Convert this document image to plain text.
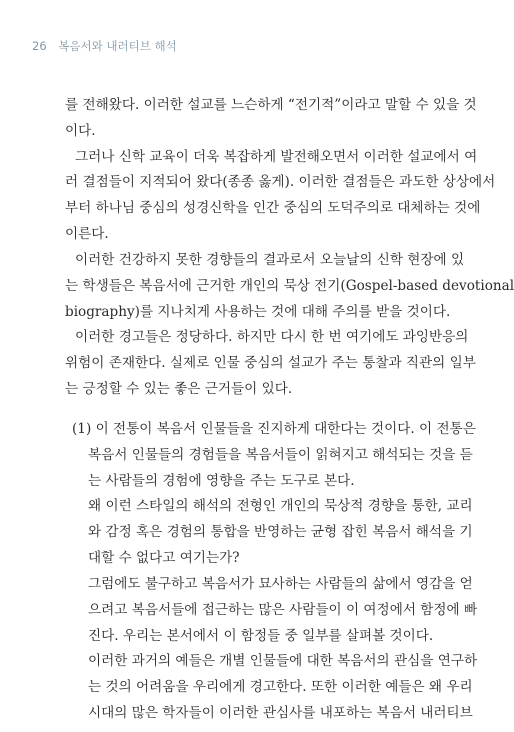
26 복음서와 내러티브 해석
를 전해왔다. 이러한 설교를 느슨하게 “전기적”이라고 말할 수 있을 것
이다.
그러나 신학 교육이 더욱 복잡하게 발전해오면서 이러한 설교에서 여
러 결점들이 지적되어 왔다(종종 옳게). 이러한 결점들은 과도한 상상에서
부터 하나님 중심의 성경신학을 인간 중심의 도덕주의로 대체하는 것에
이른다.
이러한 건강하지 못한 경향들의 결과로서 오늘날의 신학 현장에 있
는 학생들은 복음서에 근거한 개인의 묵상 전기(Gospel-based devotional
biography)를 지나치게 사용하는 것에 대해 주의를 받을 것이다.
이러한 경고들은 정당하다. 하지만 다시 한 번 여기에도 과잉반응의
위험이 존재한다. 실제로 인물 중심의 설교가 주는 통찰과 직관의 일부
는 긍정할 수 있는 좋은 근거들이 있다.
(1) 이 전통이 복음서 인물들을 진지하게 대한다는 것이다. 이 전통은
복음서 인물들의 경험들을 복음서들이 읽혀지고 해석되는 것을 듣
는 사람들의 경험에 영향을 주는 도구로 본다.
왜 이런 스타일의 해석의 전형인 개인의 묵상적 경향을 통한, 교리
와 감정 혹은 경험의 통합을 반영하는 균형 잡힌 복음서 해석을 기
대할 수 없다고 여기는가?
그럼에도 불구하고 복음서가 묘사하는 사람들의 삶에서 영감을 얻
으려고 복음서들에 접근하는 많은 사람들이 이 여정에서 함정에 빠
진다. 우리는 본서에서 이 함정들 중 일부를 살펴볼 것이다.
이러한 과거의 예들은 개별 인물들에 대한 복음서의 관심을 연구하
는 것의 어려움을 우리에게 경고한다. 또한 이러한 예들은 왜 우리
시대의 많은 학자들이 이러한 관심사를 내포하는 복음서 내러티브
